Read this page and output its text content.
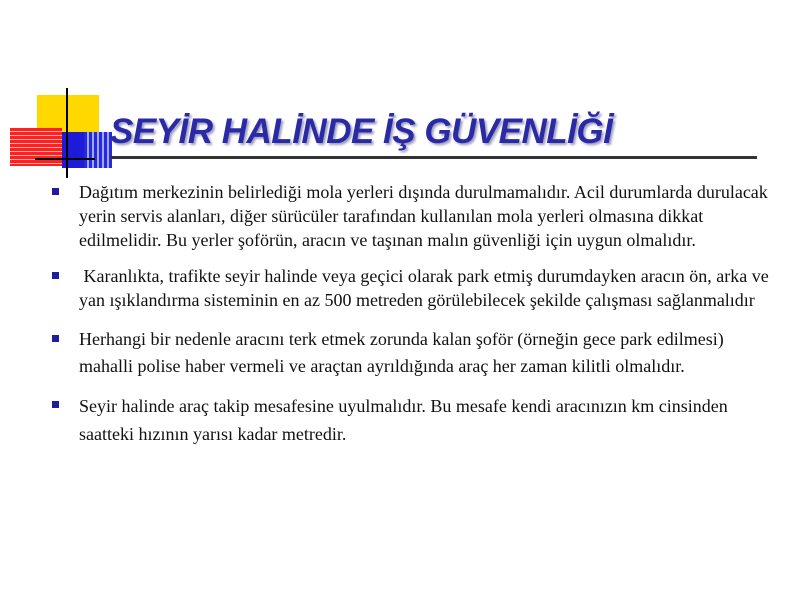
SEYİR HALİNDE İŞ GÜVENLİĞİ
Dağıtım merkezinin belirlediği mola yerleri dışında durulmamalıdır. Acil durumlarda durulacak yerin servis alanları, diğer sürücüler tarafından kullanılan mola yerleri olmasına dikkat edilmelidir. Bu yerler şoförün, aracın ve taşınan malın güvenliği için uygun olmalıdır.
Karanlıkta, trafikte seyir halinde veya geçici olarak park etmiş durumdayken aracın ön, arka ve yan ışıklandırma sisteminin en az 500 metreden görülebilecek şekilde çalışması sağlanmalıdır
Herhangi bir nedenle aracını terk etmek zorunda kalan şoför (örneğin gece park edilmesi) mahalli polise haber vermeli ve araçtan ayrıldığında araç her zaman kilitli olmalıdır.
Seyir halinde araç takip mesafesine uyulmalıdır. Bu mesafe kendi aracınızın km cinsinden saatteki hızının yarısı kadar metredir.
